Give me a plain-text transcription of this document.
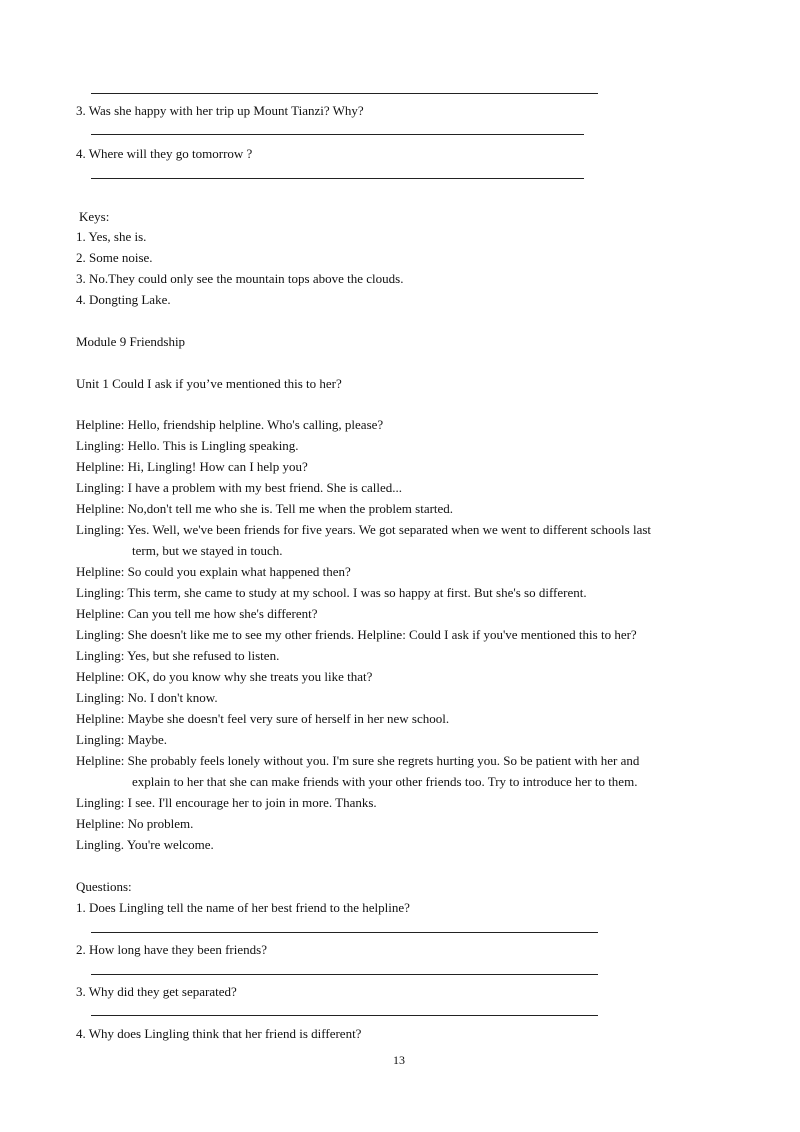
3. Was she happy with her trip up Mount Tianzi? Why?
4. Where will they go tomorrow ?
Keys:
1. Yes, she is.
2. Some noise.
3. No.They could only see the mountain tops above the clouds.
4. Dongting Lake.
Module 9 Friendship
Unit 1 Could I ask if you’ve mentioned this to her?
Helpline: Hello, friendship helpline. Who's calling, please?
Lingling: Hello. This is Lingling speaking.
Helpline: Hi, Lingling! How can I help you?
Lingling: I have a problem with my best friend. She is called...
Helpline: No,don't tell me who she is. Tell me when the problem started.
Lingling: Yes. Well, we've been friends for five years. We got separated when we went to different schools last
term, but we stayed in touch.
Helpline: So could you explain what happened then?
Lingling: This term, she came to study at my school. I was so happy at first. But she's so different.
Helpline: Can you tell me how she's different?
Lingling: She doesn't like me to see my other friends. Helpline: Could I ask if you've mentioned this to her?
Lingling: Yes, but she refused to listen.
Helpline: OK, do you know why she treats you like that?
Lingling: No. I don't know.
Helpline: Maybe she doesn't feel very sure of herself in her new school.
Lingling: Maybe.
Helpline: She probably feels lonely without you. I'm sure she regrets hurting you. So be patient with her and
explain to her that she can make friends with your other friends too. Try to introduce her to them.
Lingling: I see. I'll encourage her to join in more. Thanks.
Helpline: No problem.
Lingling. You're welcome.
Questions:
1. Does Lingling tell the name of her best friend to the helpline?
2. How long have they been friends?
3. Why did they get separated?
4. Why does Lingling think that her friend is different?
13
